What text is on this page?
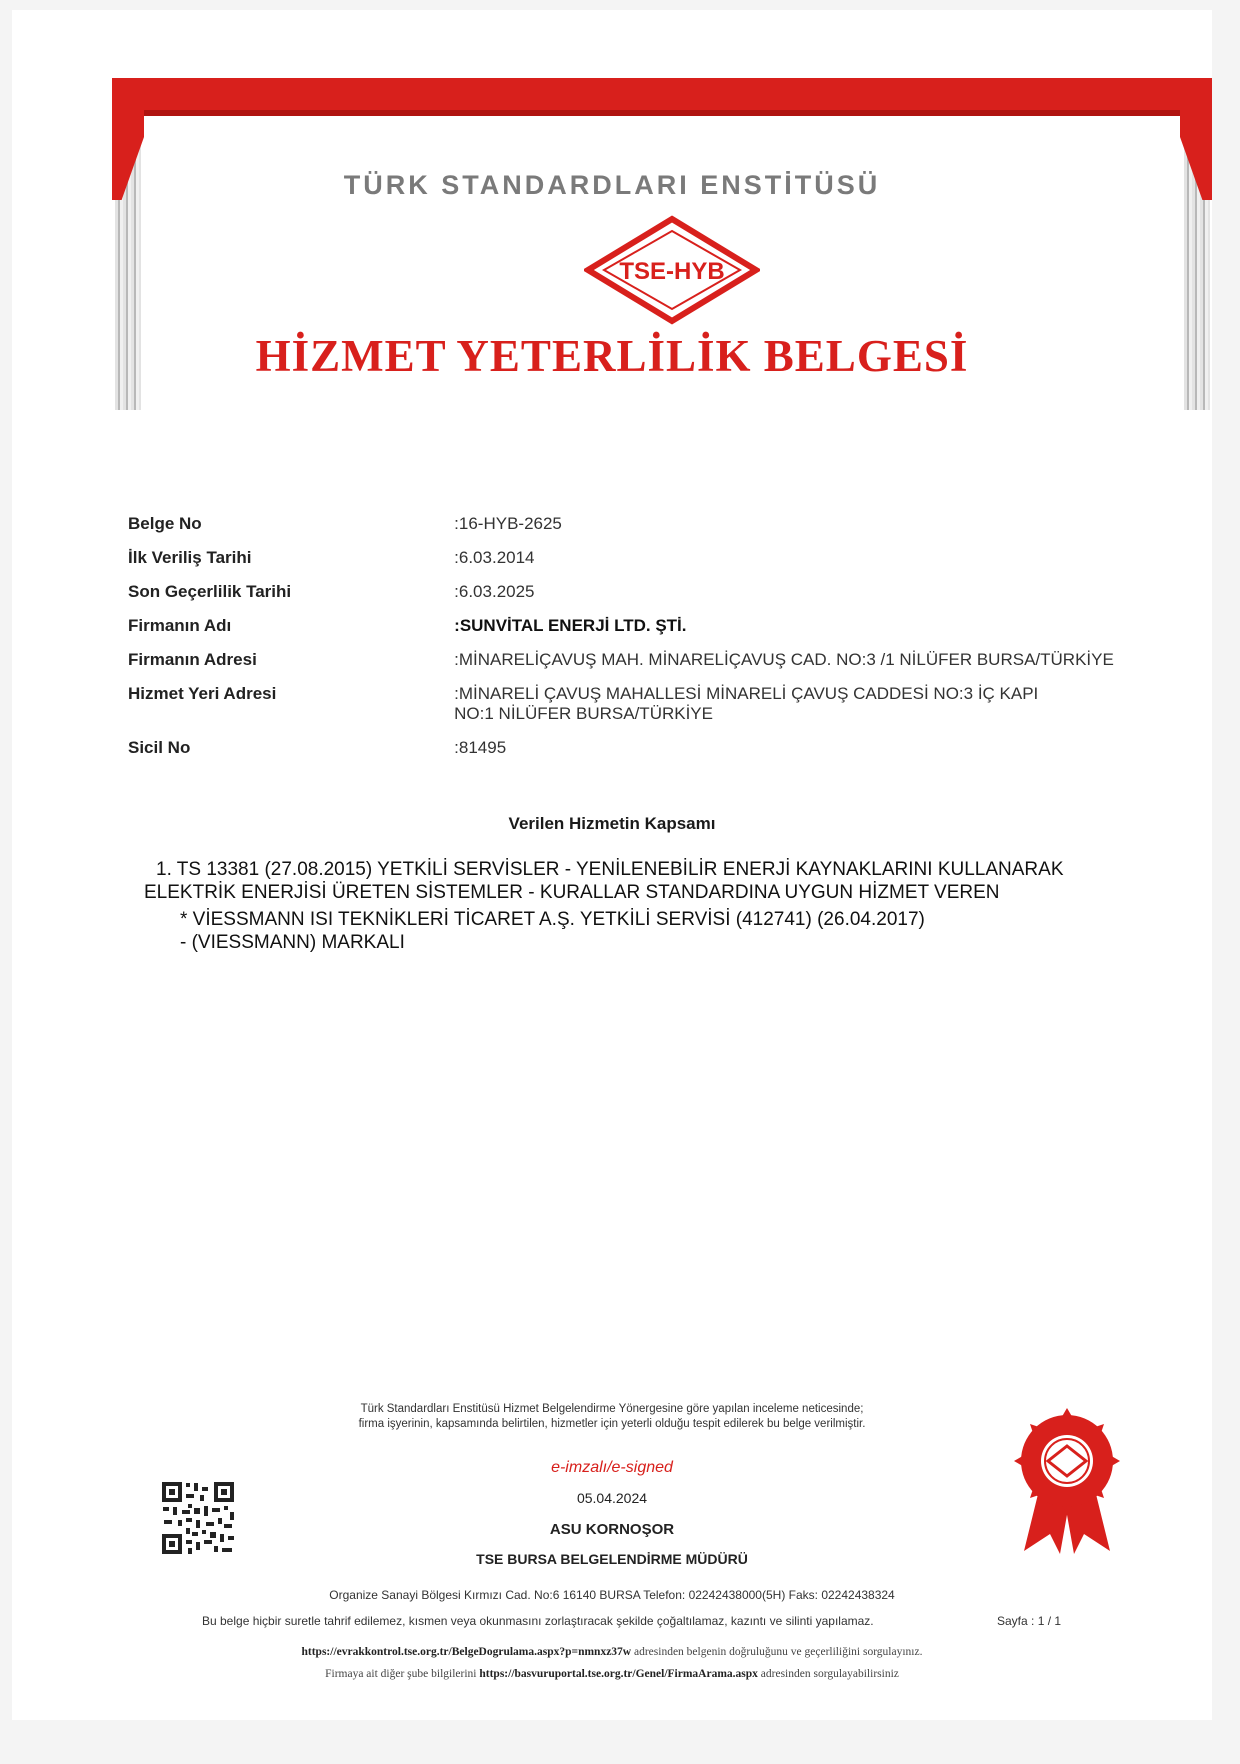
TÜRK STANDARDLARI ENSTİTÜSÜ
TSE-HYB
HİZMET YETERLİLİK BELGESİ
Belge No	:16-HYB-2625
İlk Veriliş Tarihi	:6.03.2014
Son Geçerlilik Tarihi	:6.03.2025
Firmanın Adı	:SUNVİTAL ENERJİ LTD. ŞTİ.
Firmanın Adresi	:MİNARELİÇAVUŞ MAH. MİNARELİÇAVUŞ CAD. NO:3 /1 NİLÜFER BURSA/TÜRKİYE
Hizmet Yeri Adresi	:MİNARELİ ÇAVUŞ MAHALLESİ MİNARELİ ÇAVUŞ CADDESİ NO:3 İÇ KAPI
NO:1 NİLÜFER BURSA/TÜRKİYE
Sicil No	:81495
Verilen Hizmetin Kapsamı
1. TS 13381 (27.08.2015) YETKİLİ SERVİSLER - YENİLENEBİLİR ENERJİ KAYNAKLARINI KULLANARAK
ELEKTRİK ENERJİSİ ÜRETEN SİSTEMLER - KURALLAR STANDARDINA UYGUN HİZMET VEREN
* VİESSMANN ISI TEKNİKLERİ TİCARET A.Ş. YETKİLİ SERVİSİ (412741) (26.04.2017)
- (VIESSMANN) MARKALI
Türk Standardları Enstitüsü Hizmet Belgelendirme Yönergesine göre yapılan inceleme neticesinde;
firma işyerinin, kapsamında belirtilen, hizmetler için yeterli olduğu tespit edilerek bu belge verilmiştir.
e-imzalı/e-signed
05.04.2024
ASU KORNOŞOR
TSE BURSA BELGELENDİRME MÜDÜRÜ
Organize Sanayi Bölgesi Kırmızı Cad. No:6 16140 BURSA Telefon: 02242438000(5H) Faks: 02242438324
Bu belge hiçbir suretle tahrif edilemez, kısmen veya okunmasını zorlaştıracak şekilde çoğaltılamaz, kazıntı ve silinti yapılamaz.	Sayfa : 1 / 1
https://evrakkontrol.tse.org.tr/BelgeDogrulama.aspx?p=nmnxz37w adresinden belgenin doğruluğunu ve geçerliliğini sorgulayınız.
Firmaya ait diğer şube bilgilerini https://basvuruportal.tse.org.tr/Genel/FirmaArama.aspx adresinden sorgulayabilirsiniz
